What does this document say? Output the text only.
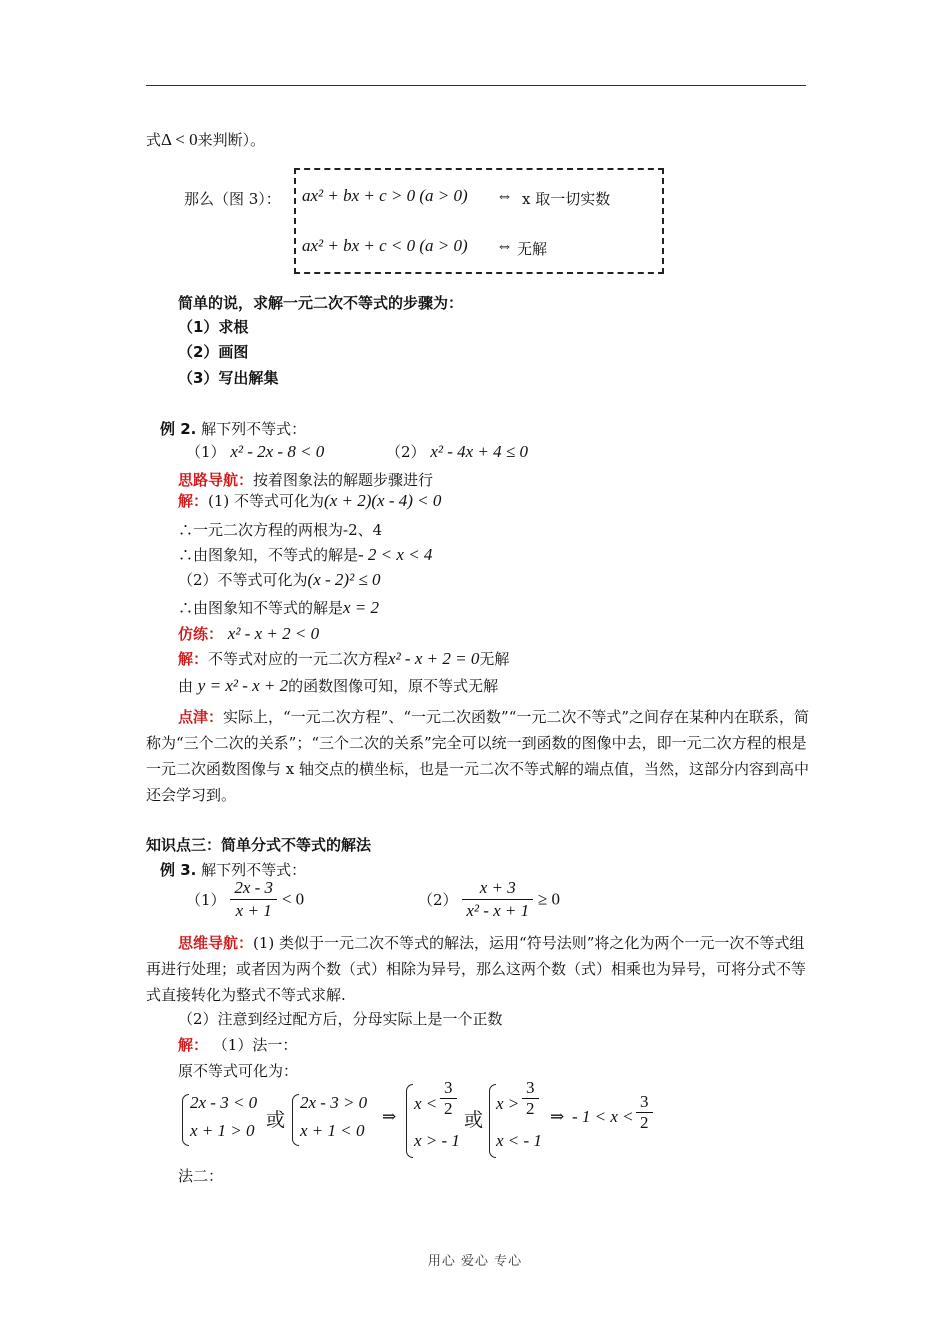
式Δ < 0来判断）。
那么（图 3）： ax² + bx + c > 0 (a > 0) ⇔ x 取一切实数
ax² + bx + c < 0 (a > 0) ⇔ 无解
简单的说，求解一元二次不等式的步骤为：
（1）求根
（2）画图
（3）写出解集
例 2. 解下列不等式：
（1） x² - 2x - 8 < 0	（2） x² - 4x + 4 ≤ 0
思路导航：按着图象法的解题步骤进行
解：(1) 不等式可化为(x + 2)(x - 4) < 0
∴一元二次方程的两根为-2、4
∴由图象知，不等式的解是- 2 < x < 4
（2）不等式可化为(x - 2)² ≤ 0
∴由图象知不等式的解是x = 2
仿练： x² - x + 2 < 0
解：不等式对应的一元二次方程x² - x + 2 = 0无解
由 y = x² - x + 2的函数图像可知，原不等式无解
点津：实际上，“一元二次方程”、“一元二次函数”“一元二次不等式”之间存在某种内在联系，简称为“三个二次的关系”；“三个二次的关系”完全可以统一到函数的图像中去，即一元二次方程的根是一元二次函数图像与 x 轴交点的横坐标，也是一元二次不等式解的端点值，当然，这部分内容到高中还会学习到。
知识点三：简单分式不等式的解法
例 3. 解下列不等式：
$(1) \frac{2x - 3}{x + 1} < 0$	$(2) \frac{x + 3}{\text{x² - x + 1}} \ge 0$
思维导航：(1) 类似于一元二次不等式的解法，运用“符号法则”将之化为两个一元一次不等式组再进行处理；或者因为两个数（式）相除为异号，那么这两个数（式）相乘也为异号，可将分式不等式直接转化为整式不等式求解.
（2）注意到经过配方后，分母实际上是一个正数
解： （1）法一：
原不等式可化为：
2x - 3 < 0
x + 1 > 0 或
2x - 3 > 0
x + 1 < 0
⇒
$x < \frac{3}{2}$
x > - 1
或
$x > \frac{3}{2}$
x < - 1
⇒ - $1 < x < \frac{3}{2}$
法二：
用心 爱心 专心
